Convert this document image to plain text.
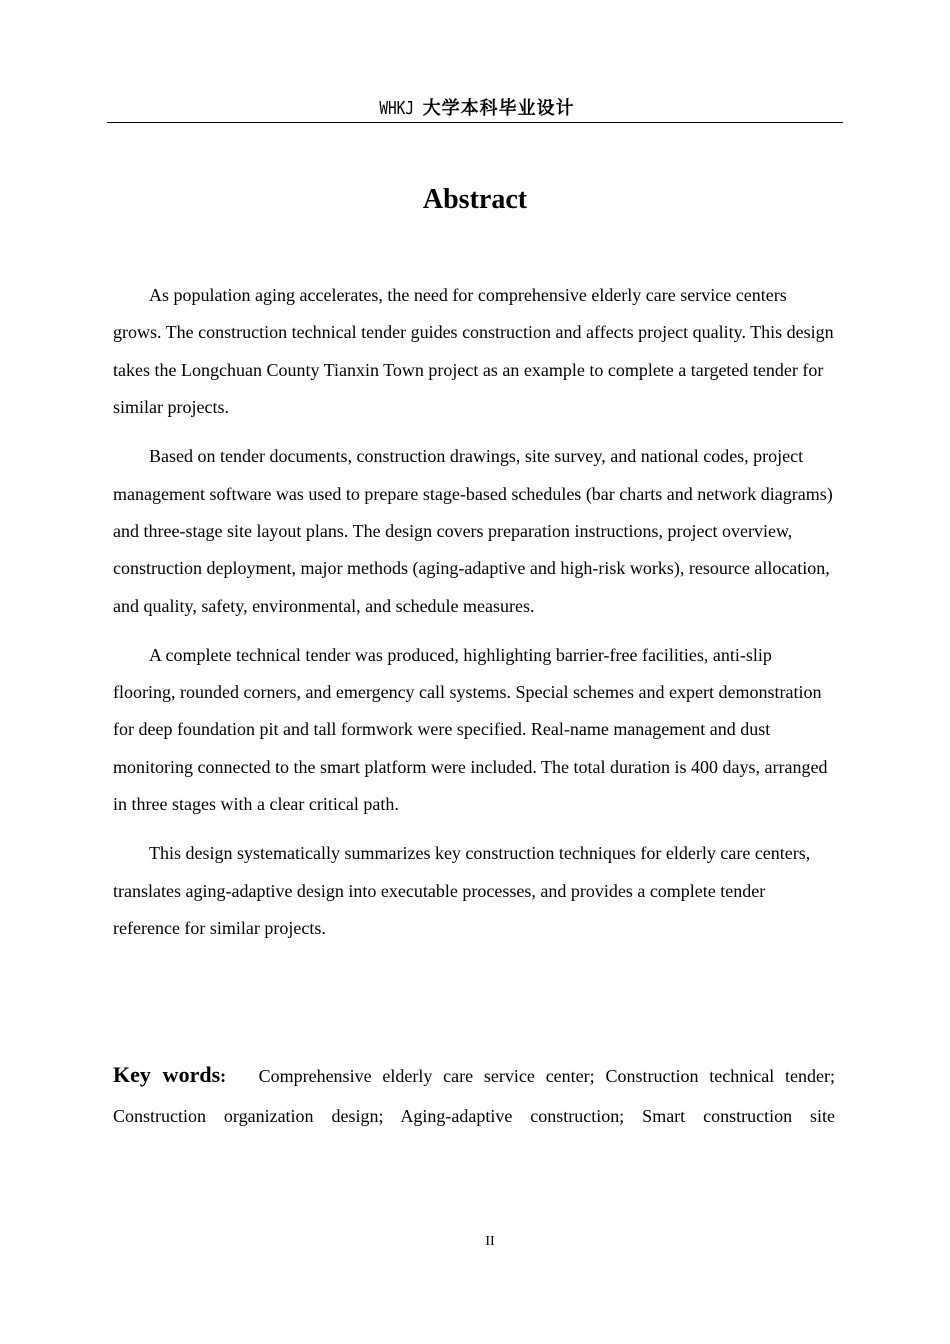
WHKJ 大学本科毕业设计
Abstract

As population aging accelerates, the need for comprehensive elderly care service centers grows. The construction technical tender guides construction and affects project quality. This design takes the Longchuan County Tianxin Town project as an example to complete a targeted tender for similar projects.

Based on tender documents, construction drawings, site survey, and national codes, project management software was used to prepare stage-based schedules (bar charts and network diagrams) and three-stage site layout plans. The design covers preparation instructions, project overview, construction deployment, major methods (aging-adaptive and high-risk works), resource allocation, and quality, safety, environmental, and schedule measures.

A complete technical tender was produced, highlighting barrier-free facilities, anti-slip flooring, rounded corners, and emergency call systems. Special schemes and expert demonstration for deep foundation pit and tall formwork were specified. Real-name management and dust monitoring connected to the smart platform were included. The total duration is 400 days, arranged in three stages with a clear critical path.

This design systematically summarizes key construction techniques for elderly care centers, translates aging-adaptive design into executable processes, and provides a complete tender reference for similar projects.

Key words: Comprehensive elderly care service center; Construction technical tender;
Construction organization design; Aging-adaptive construction; Smart construction site
II
